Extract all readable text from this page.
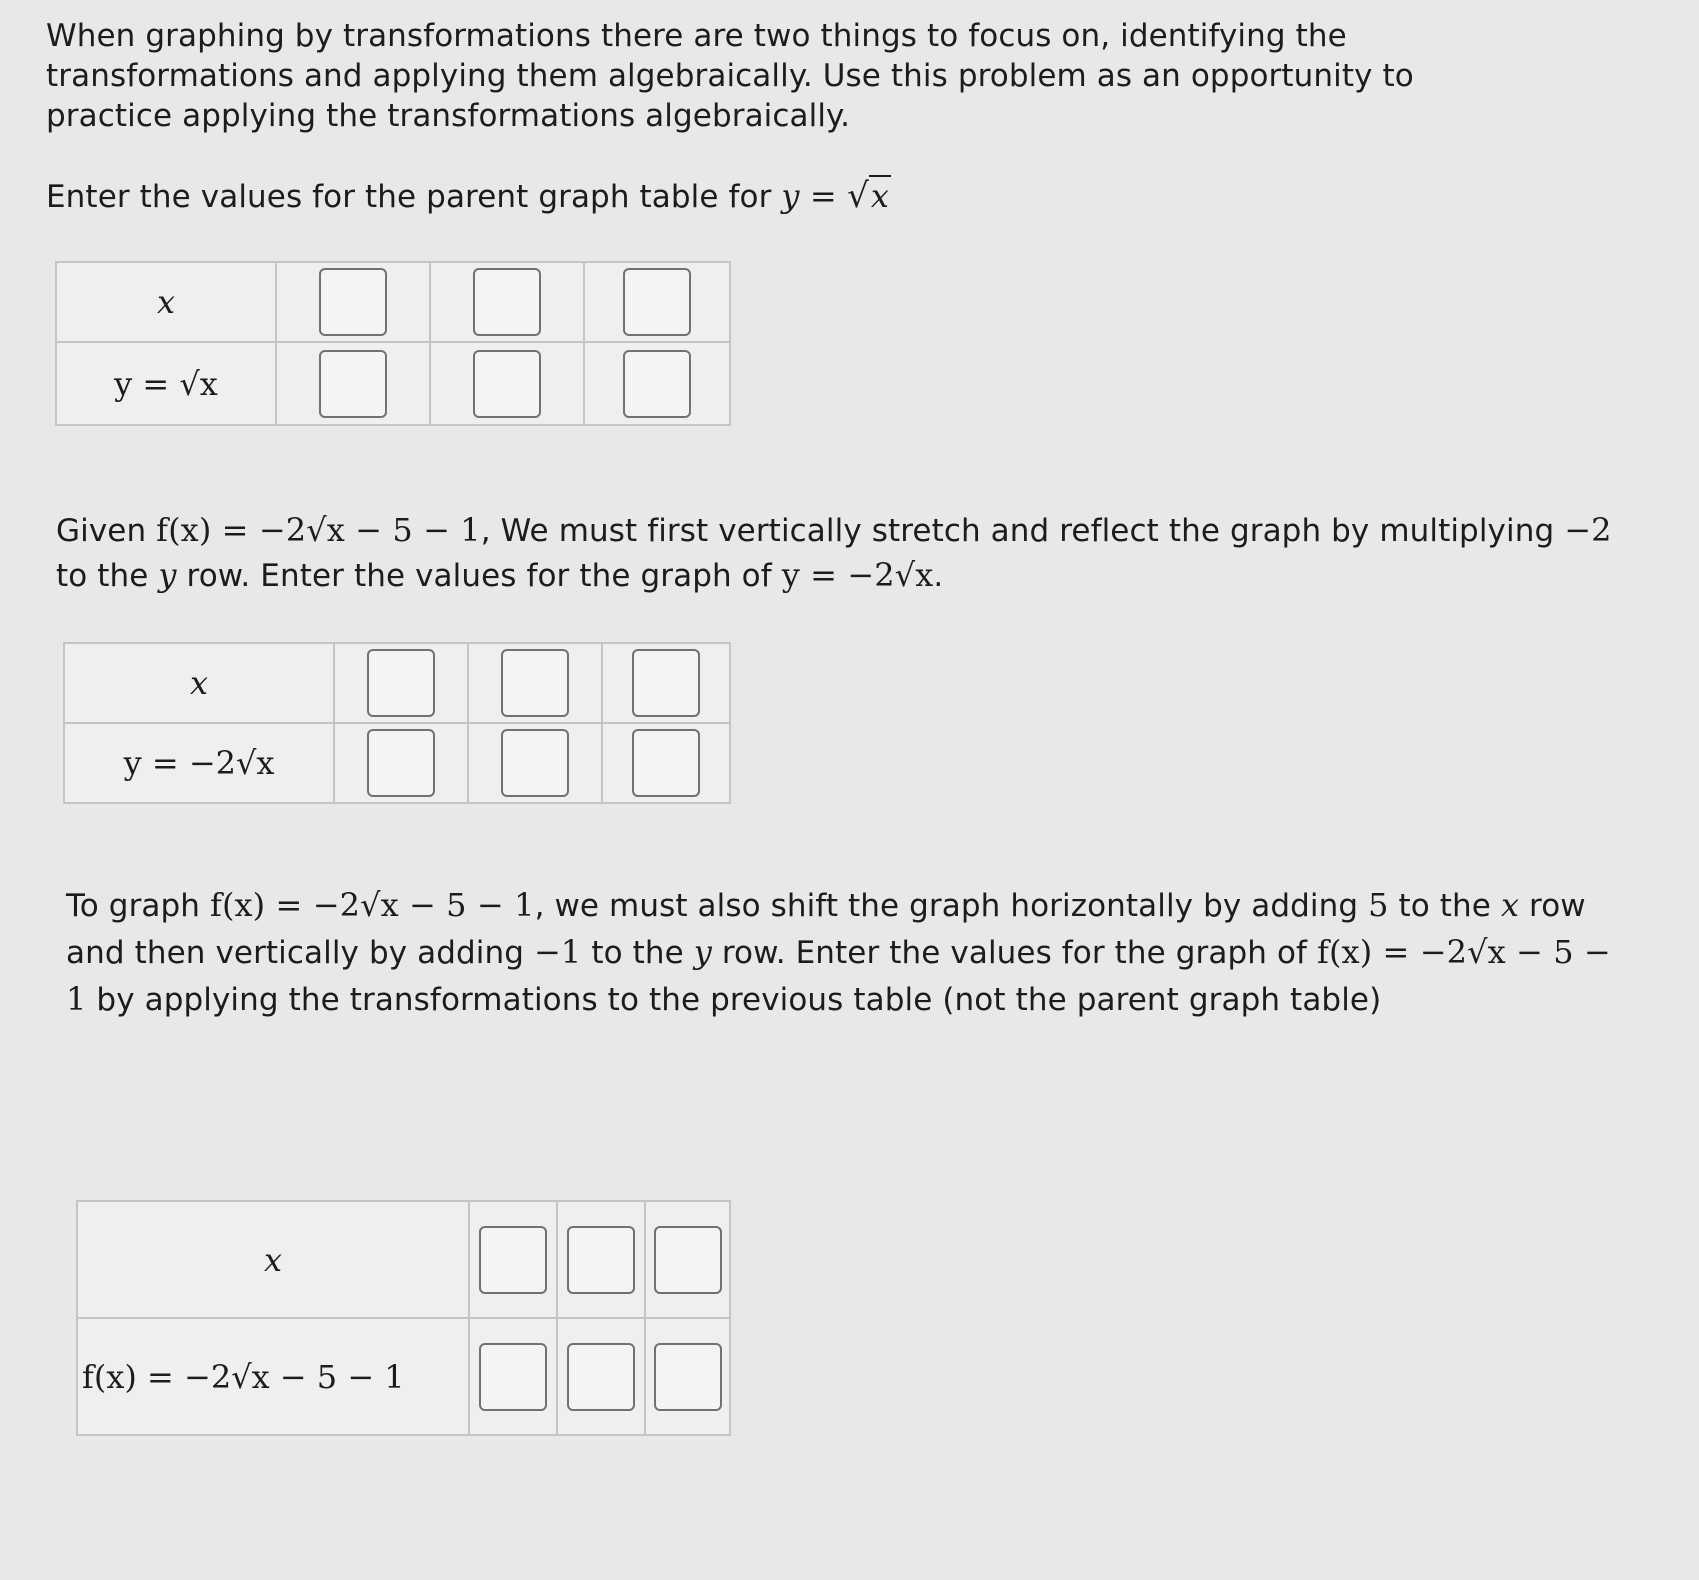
When graphing by transformations there are two things to focus on, identifying the transformations and applying them algebraically. Use this problem as an opportunity to practice applying the transformations algebraically.
Enter the values for the parent graph table for y = √x
x			
y = √x			
Given f(x) = −2√x − 5 − 1, We must first vertically stretch and reflect the graph by multiplying −2 to the y row. Enter the values for the graph of y = −2√x.
x			
y = −2√x			
To graph f(x) = −2√x − 5 − 1, we must also shift the graph horizontally by adding 5 to the x row and then vertically by adding −1 to the y row. Enter the values for the graph of f(x) = −2√x − 5 − 1 by applying the transformations to the previous table (not the parent graph table)
x			
f(x) = −2√x − 5 − 1			
